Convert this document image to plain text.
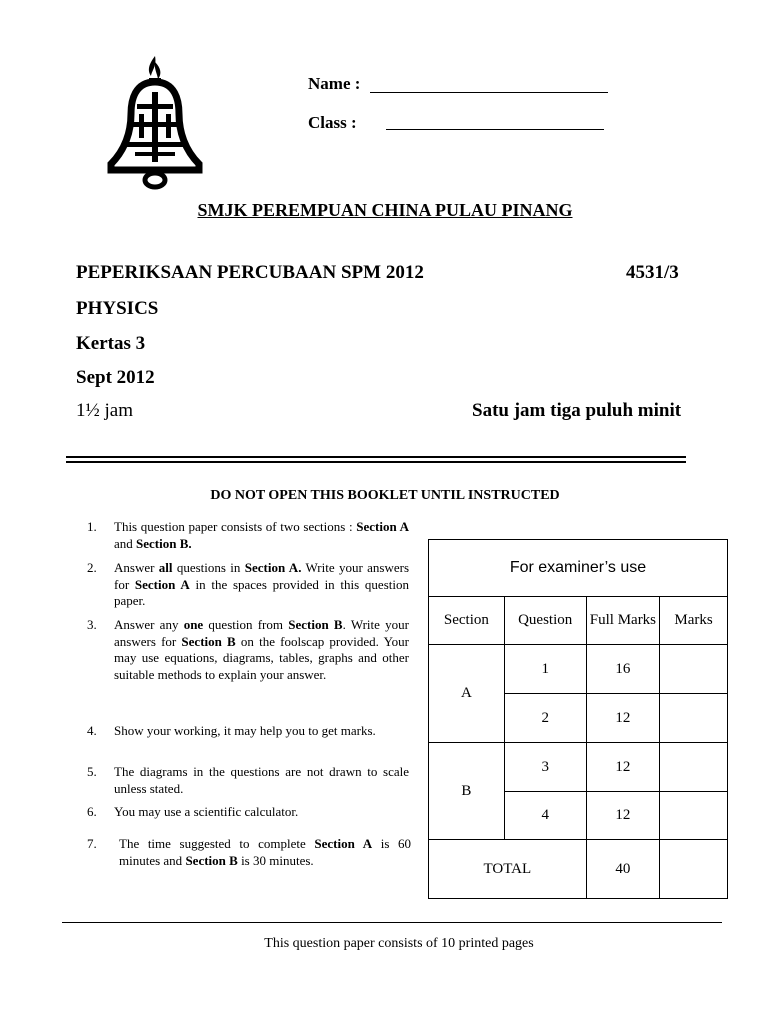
Name :
Class :
SMJK PEREMPUAN CHINA PULAU PINANG
PEPERIKSAAN PERCUBAAN SPM 2012	4531/3
PHYSICS
Kertas 3
Sept 2012
1½ jam	Satu jam tiga puluh minit
DO NOT OPEN THIS BOOKLET UNTIL INSTRUCTED
1.	This question paper consists of two sections : Section A and Section B.
2.	Answer all questions in Section A. Write your answers for Section A in the spaces provided in this question paper.
3.	Answer any one question from Section B. Write your answers for Section B on the foolscap provided. Your may use equations, diagrams, tables, graphs and other suitable methods to explain your answer.
4.	Show your working, it may help you to get marks.
5.	The diagrams in the questions are not drawn to scale unless stated.
6.	You may use a scientific calculator.
7.	The time suggested to complete Section A is 60 minutes and Section B is 30 minutes.
For examiner’s use			
Section	Question	Full Marks	Marks
A	1	16	
	2	12	
B	3	12	
	4	12	
TOTAL		40	
This question paper consists of 10 printed pages
